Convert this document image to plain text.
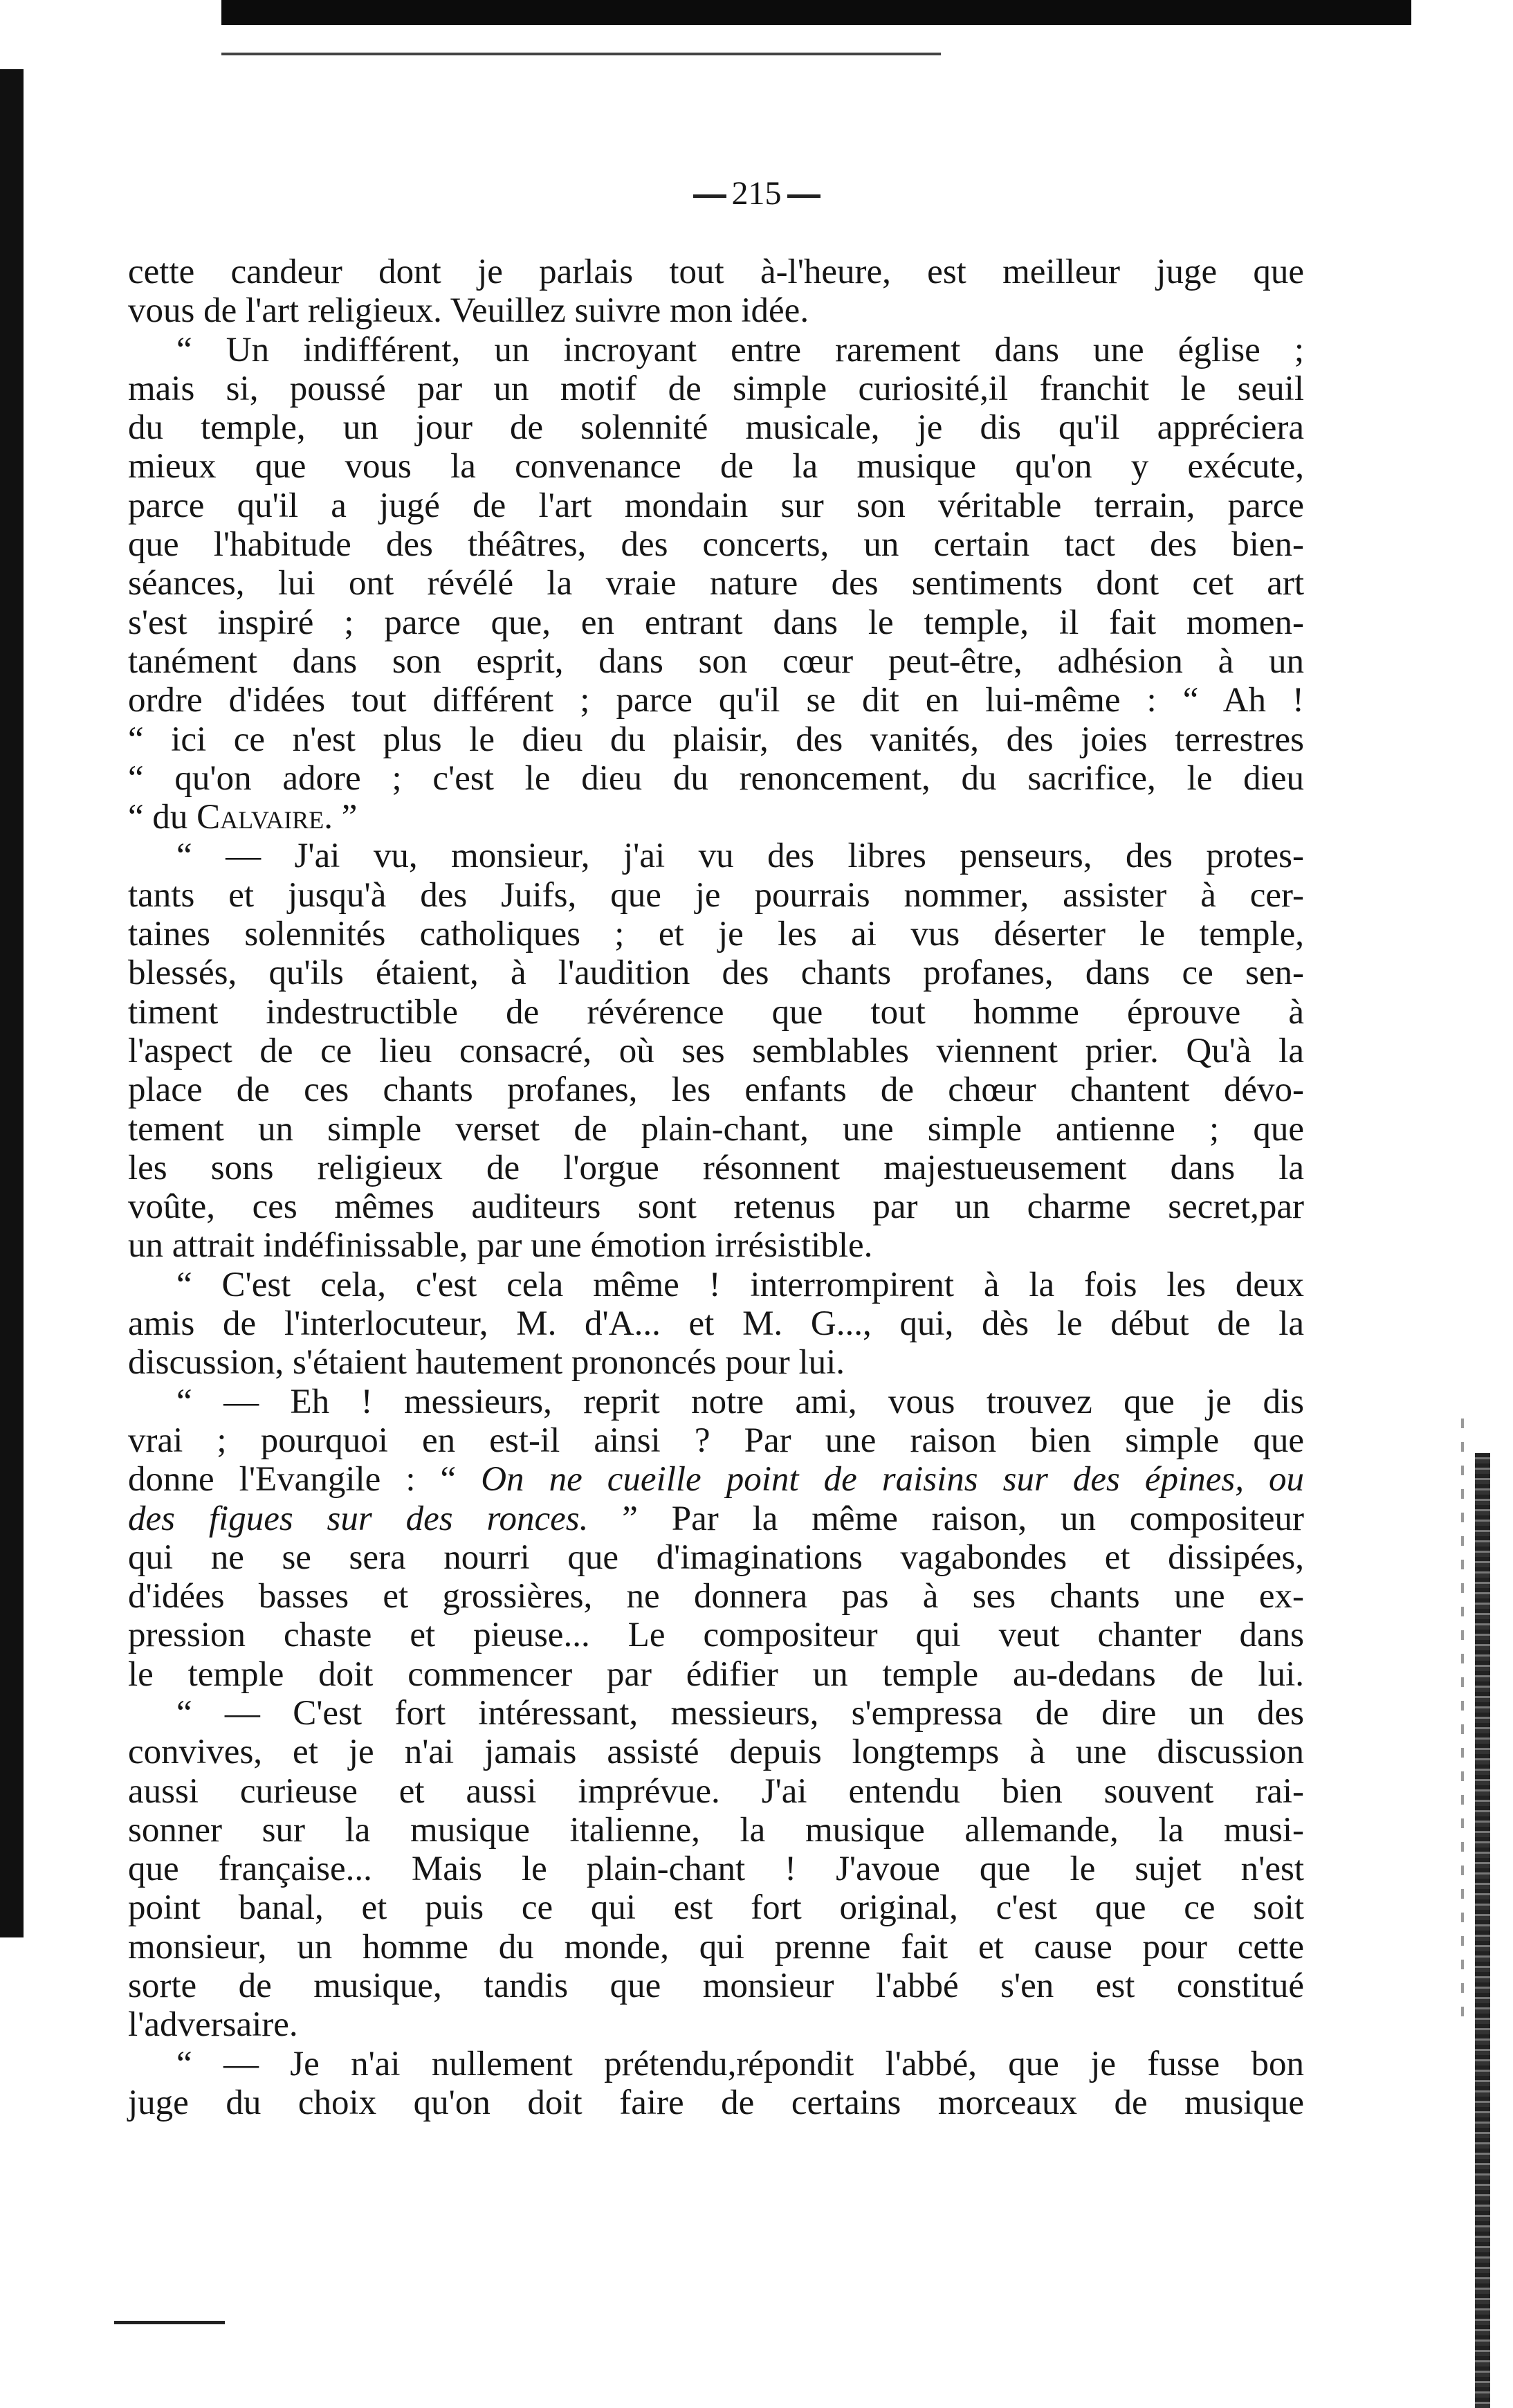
215
cette candeur dont je parlais tout à-l'heure, est meilleur juge que
vous de l'art religieux. Veuillez suivre mon idée.
“ Un indifférent, un incroyant entre rarement dans une église ;
mais si, poussé par un motif de simple curiosité,il franchit le seuil
du temple, un jour de solennité musicale, je dis qu'il appréciera
mieux que vous la convenance de la musique qu'on y exécute,
parce qu'il a jugé de l'art mondain sur son véritable terrain, parce
que l'habitude des théâtres, des concerts, un certain tact des bien-
séances, lui ont révélé la vraie nature des sentiments dont cet art
s'est inspiré ; parce que, en entrant dans le temple, il fait momen-
tanément dans son esprit, dans son cœur peut-être, adhésion à un
ordre d'idées tout différent ; parce qu'il se dit en lui-même : “ Ah !
“ ici ce n'est plus le dieu du plaisir, des vanités, des joies terrestres
“ qu'on adore ; c'est le dieu du renoncement, du sacrifice, le dieu
“ du Calvaire. ”
“ — J'ai vu, monsieur, j'ai vu des libres penseurs, des protes-
tants et jusqu'à des Juifs, que je pourrais nommer, assister à cer-
taines solennités catholiques ; et je les ai vus déserter le temple,
blessés, qu'ils étaient, à l'audition des chants profanes, dans ce sen-
timent indestructible de révérence que tout homme éprouve à
l'aspect de ce lieu consacré, où ses semblables viennent prier. Qu'à la
place de ces chants profanes, les enfants de chœur chantent dévo-
tement un simple verset de plain-chant, une simple antienne ; que
les sons religieux de l'orgue résonnent majestueusement dans la
voûte, ces mêmes auditeurs sont retenus par un charme secret,par
un attrait indéfinissable, par une émotion irrésistible.
“ C'est cela, c'est cela même ! interrompirent à la fois les deux
amis de l'interlocuteur, M. d'A... et M. G..., qui, dès le début de la
discussion, s'étaient hautement prononcés pour lui.
“ — Eh ! messieurs, reprit notre ami, vous trouvez que je dis
vrai ; pourquoi en est-il ainsi ? Par une raison bien simple que
donne l'Evangile : “ On ne cueille point de raisins sur des épines, ou
des figues sur des ronces. ” Par la même raison, un compositeur
qui ne se sera nourri que d'imaginations vagabondes et dissipées,
d'idées basses et grossières, ne donnera pas à ses chants une ex-
pression chaste et pieuse... Le compositeur qui veut chanter dans
le temple doit commencer par édifier un temple au-dedans de lui.
“ — C'est fort intéressant, messieurs, s'empressa de dire un des
convives, et je n'ai jamais assisté depuis longtemps à une discussion
aussi curieuse et aussi imprévue. J'ai entendu bien souvent rai-
sonner sur la musique italienne, la musique allemande, la musi-
que française... Mais le plain-chant ! J'avoue que le sujet n'est
point banal, et puis ce qui est fort original, c'est que ce soit
monsieur, un homme du monde, qui prenne fait et cause pour cette
sorte de musique, tandis que monsieur l'abbé s'en est constitué
l'adversaire.
“ — Je n'ai nullement prétendu,répondit l'abbé, que je fusse bon
juge du choix qu'on doit faire de certains morceaux de musique
